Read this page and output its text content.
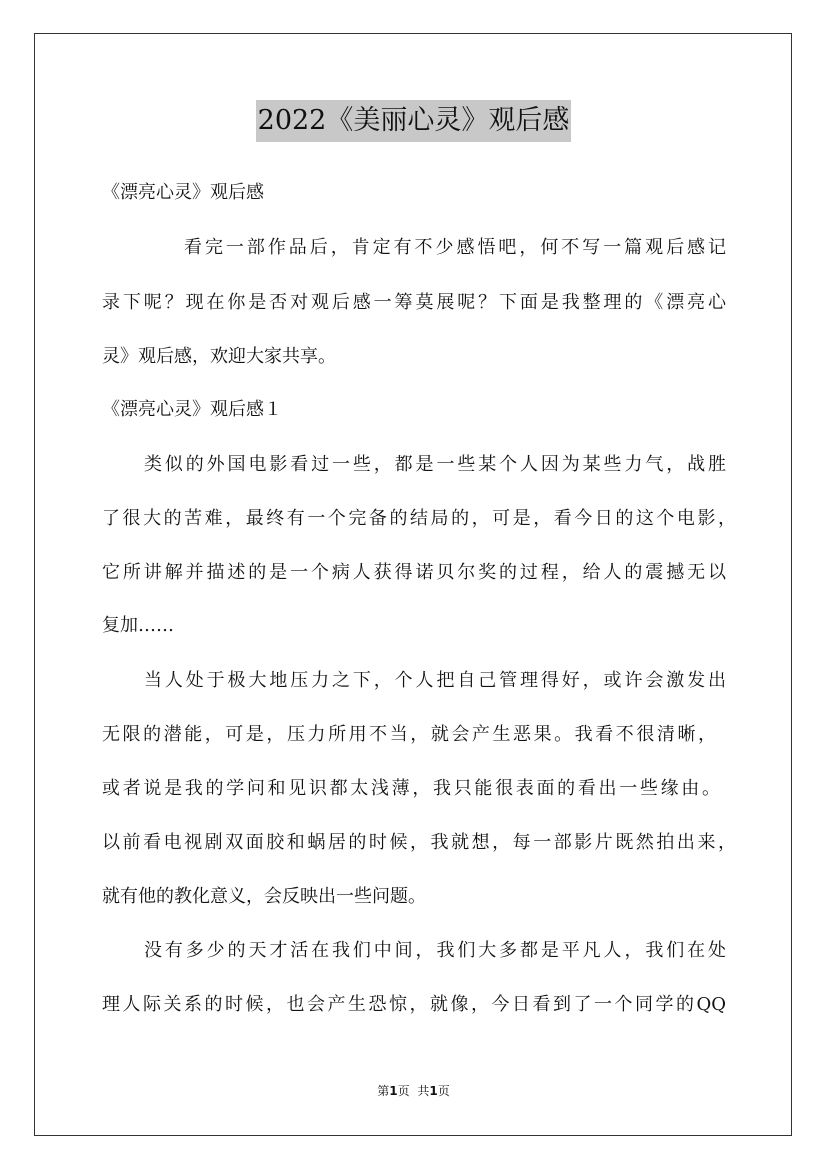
2022《美丽心灵》观后感
《漂亮心灵》观后感
看完一部作品后，肯定有不少感悟吧，何不写一篇观后感记
录下呢？现在你是否对观后感一筹莫展呢？下面是我整理的《漂亮心
灵》观后感，欢迎大家共享。
《漂亮心灵》观后感１
类似的外国电影看过一些，都是一些某个人因为某些力气，战胜
了很大的苦难，最终有一个完备的结局的，可是，看今日的这个电影，
它所讲解并描述的是一个病人获得诺贝尔奖的过程，给人的震撼无以
复加……
当人处于极大地压力之下，个人把自己管理得好，或许会激发出
无限的潜能，可是，压力所用不当，就会产生恶果。我看不很清晰，
或者说是我的学问和见识都太浅薄，我只能很表面的看出一些缘由。
以前看电视剧双面胶和蜗居的时候，我就想，每一部影片既然拍出来，
就有他的教化意义，会反映出一些问题。
没有多少的天才活在我们中间，我们大多都是平凡人，我们在处
理人际关系的时候，也会产生恐惊，就像，今日看到了一个同学的QQ
第1页 共1页
